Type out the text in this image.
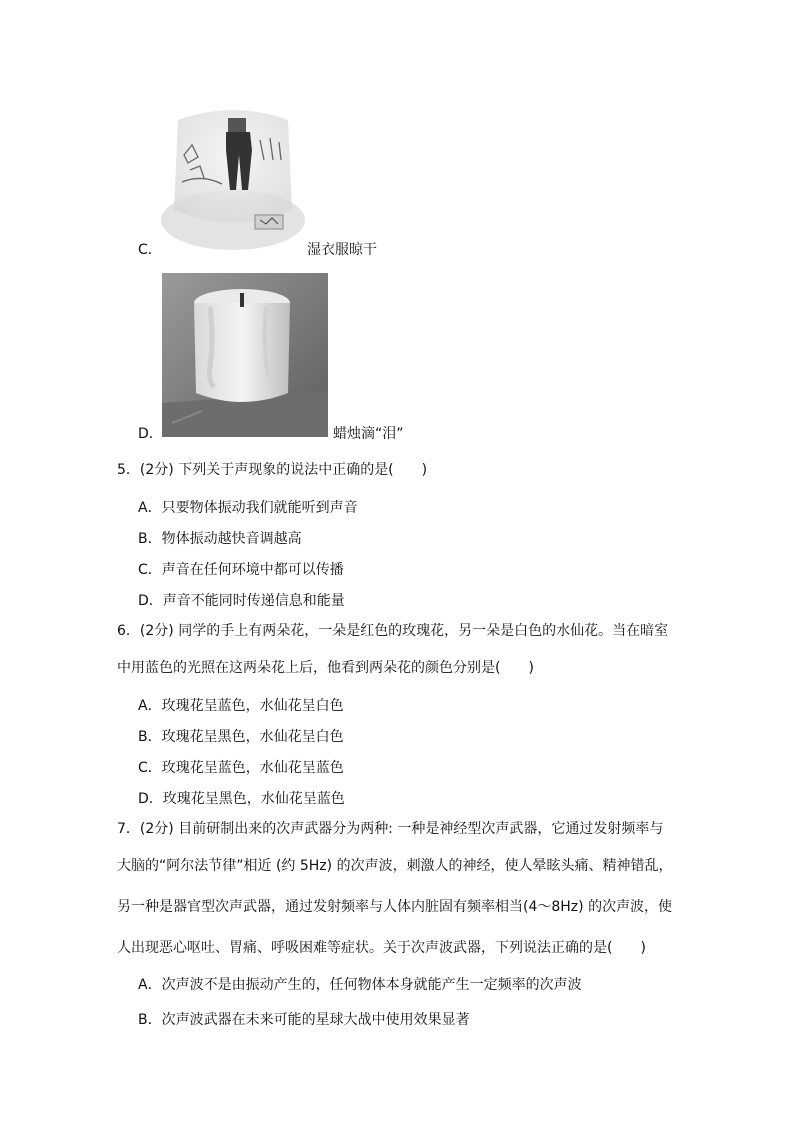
C．	湿衣服晾干
D．	蜡烛滴“泪”
5．(2分) 下列关于声现象的说法中正确的是(　　)
A．只要物体振动我们就能听到声音
B．物体振动越快音调越高
C．声音在任何环境中都可以传播
D．声音不能同时传递信息和能量
6．(2分) 同学的手上有两朵花，一朵是红色的玫瑰花，另一朵是白色的水仙花。当在暗室
中用蓝色的光照在这两朵花上后，他看到两朵花的颜色分别是(　　)
A．玫瑰花呈蓝色，水仙花呈白色
B．玫瑰花呈黑色，水仙花呈白色
C．玫瑰花呈蓝色，水仙花呈蓝色
D．玫瑰花呈黑色，水仙花呈蓝色
7．(2分) 目前研制出来的次声武器分为两种: 一种是神经型次声武器，它通过发射频率与
大脑的“阿尔法节律”相近 (约 5Hz) 的次声波，刺激人的神经，使人晕眩头痛、精神错乱，
另一种是器官型次声武器，通过发射频率与人体内脏固有频率相当(4～8Hz) 的次声波，使
人出现恶心呕吐、胃痛、呼吸困难等症状。关于次声波武器，下列说法正确的是(　　)
A．次声波不是由振动产生的，任何物体本身就能产生一定频率的次声波
B．次声波武器在未来可能的星球大战中使用效果显著
